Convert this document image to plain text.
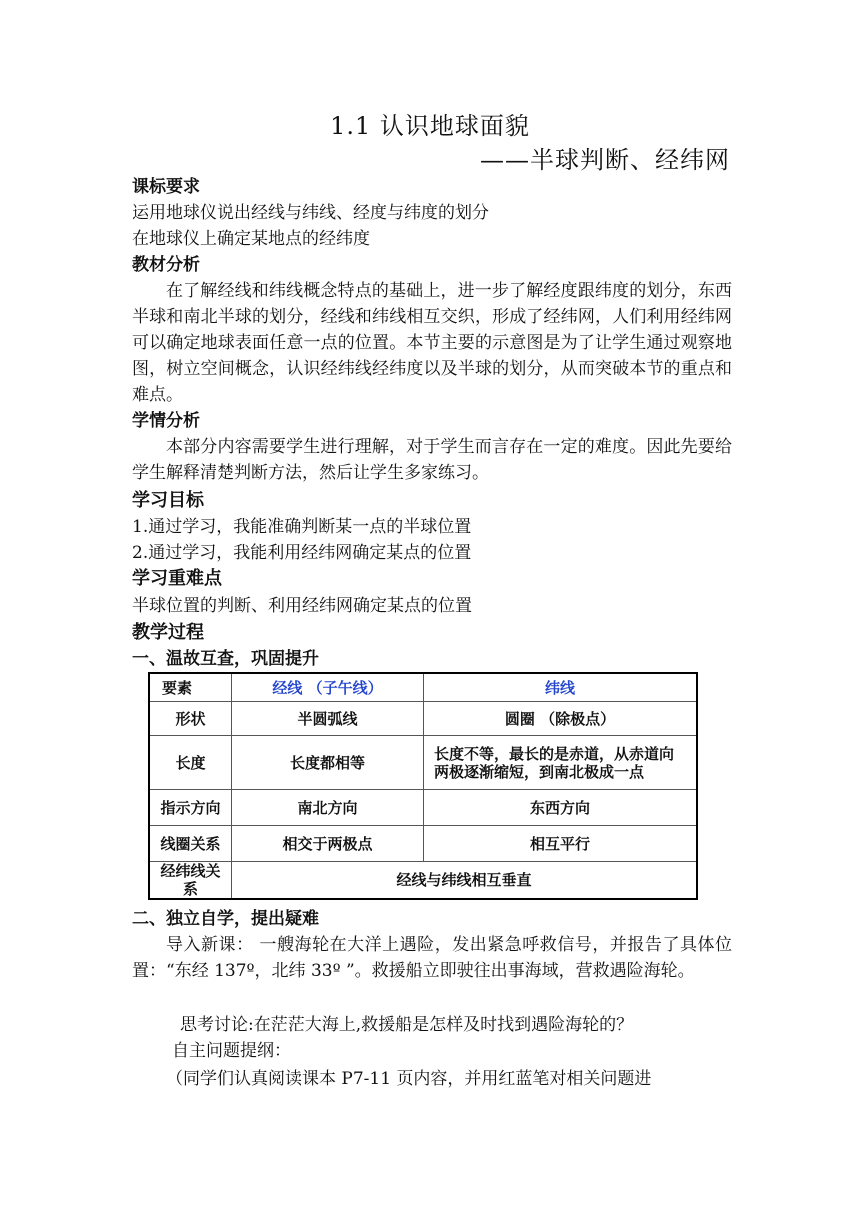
1.1 认识地球面貌
——半球判断、经纬网
课标要求
运用地球仪说出经线与纬线、经度与纬度的划分
在地球仪上确定某地点的经纬度
教材分析
在了解经线和纬线概念特点的基础上，进一步了解经度跟纬度的划分，东西半球和南北半球的划分，经线和纬线相互交织，形成了经纬网，人们利用经纬网可以确定地球表面任意一点的位置。本节主要的示意图是为了让学生通过观察地图，树立空间概念，认识经纬线经纬度以及半球的划分，从而突破本节的重点和难点。
学情分析
本部分内容需要学生进行理解，对于学生而言存在一定的难度。因此先要给学生解释清楚判断方法，然后让学生多家练习。
学习目标
1.通过学习，我能准确判断某一点的半球位置
2.通过学习，我能利用经纬网确定某点的位置
学习重难点
半球位置的判断、利用经纬网确定某点的位置
教学过程
一、温故互查，巩固提升
要素	经线 （子午线）	纬线
形状	半圆弧线	圆圈 （除极点）
长度	长度都相等	长度不等，最长的是赤道，从赤道向两极逐渐缩短，到南北极成一点
指示方向	南北方向	东西方向
线圈关系	相交于两极点	相互平行
经纬线关系	经线与纬线相互垂直
二、独立自学，提出疑难
导入新课： 一艘海轮在大洋上遇险，发出紧急呼救信号，并报告了具体位置：“东经 137º，北纬 33º ”。救援船立即驶往出事海域，营救遇险海轮。
思考讨论:在茫茫大海上,救援船是怎样及时找到遇险海轮的？
自主问题提纲：
（同学们认真阅读课本 P7-11 页内容，并用红蓝笔对相关问题进
